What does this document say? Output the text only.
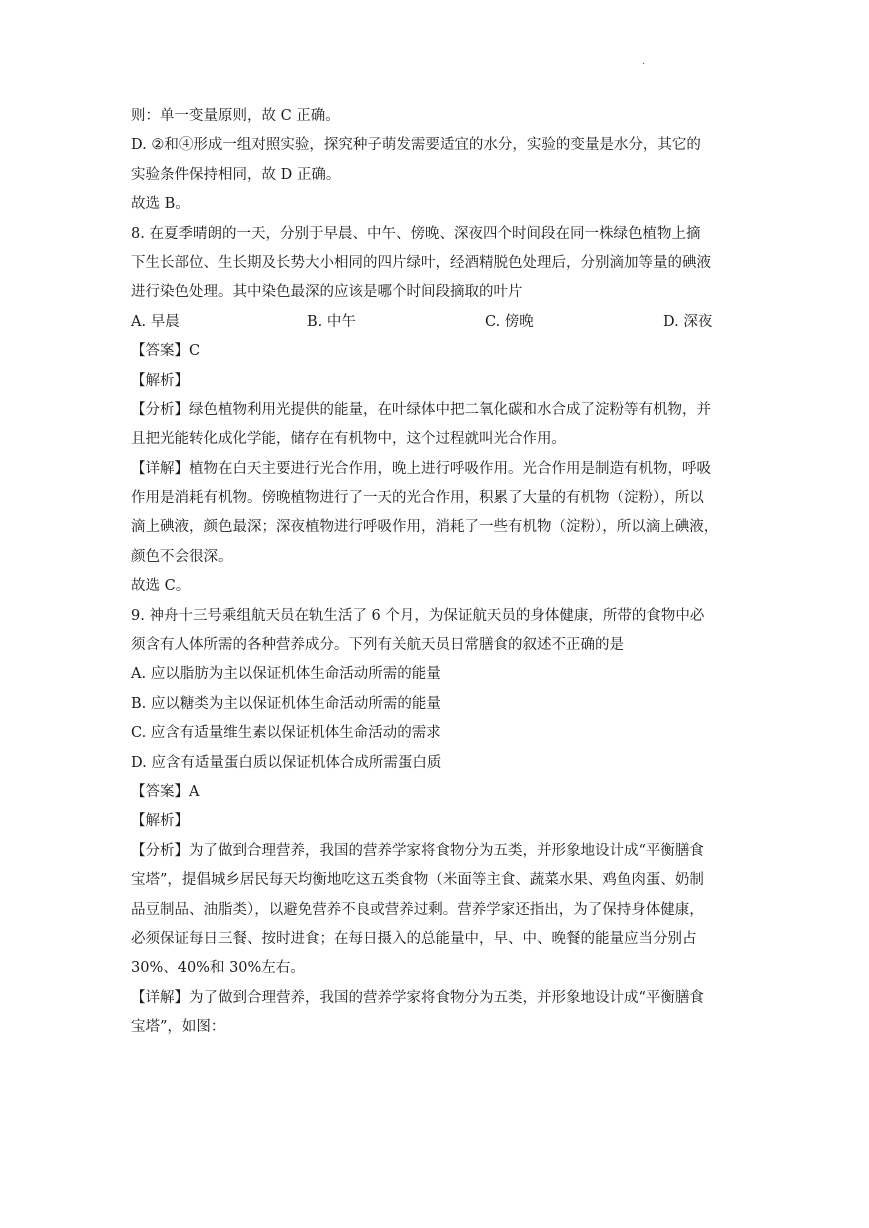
.
则：单一变量原则，故 C 正确。
D. ②和④形成一组对照实验，探究种子萌发需要适宜的水分，实验的变量是水分，其它的
实验条件保持相同，故 D 正确。
故选 B。
8. 在夏季晴朗的一天，分别于早晨、中午、傍晚、深夜四个时间段在同一株绿色植物上摘
下生长部位、生长期及长势大小相同的四片绿叶，经酒精脱色处理后，分别滴加等量的碘液
进行染色处理。其中染色最深的应该是哪个时间段摘取的叶片
A. 早晨	B. 中午	C. 傍晚	D. 深夜
【答案】C
【解析】
【分析】绿色植物利用光提供的能量，在叶绿体中把二氧化碳和水合成了淀粉等有机物，并
且把光能转化成化学能，储存在有机物中，这个过程就叫光合作用。
【详解】植物在白天主要进行光合作用，晚上进行呼吸作用。光合作用是制造有机物，呼吸
作用是消耗有机物。傍晚植物进行了一天的光合作用，积累了大量的有机物（淀粉），所以
滴上碘液，颜色最深；深夜植物进行呼吸作用，消耗了一些有机物（淀粉），所以滴上碘液，
颜色不会很深。
故选 C。
9. 神舟十三号乘组航天员在轨生活了 6 个月，为保证航天员的身体健康，所带的食物中必
须含有人体所需的各种营养成分。下列有关航天员日常膳食的叙述不正确的是
A. 应以脂肪为主以保证机体生命活动所需的能量
B. 应以糖类为主以保证机体生命活动所需的能量
C. 应含有适量维生素以保证机体生命活动的需求
D. 应含有适量蛋白质以保证机体合成所需蛋白质
【答案】A
【解析】
【分析】为了做到合理营养，我国的营养学家将食物分为五类，并形象地设计成“平衡膳食
宝塔”，提倡城乡居民每天均衡地吃这五类食物（米面等主食、蔬菜水果、鸡鱼肉蛋、奶制
品豆制品、油脂类），以避免营养不良或营养过剩。营养学家还指出，为了保持身体健康，
必须保证每日三餐、按时进食；在每日摄入的总能量中，早、中、晚餐的能量应当分别占
30%、40%和 30%左右。
【详解】为了做到合理营养，我国的营养学家将食物分为五类，并形象地设计成“平衡膳食
宝塔”，如图：
